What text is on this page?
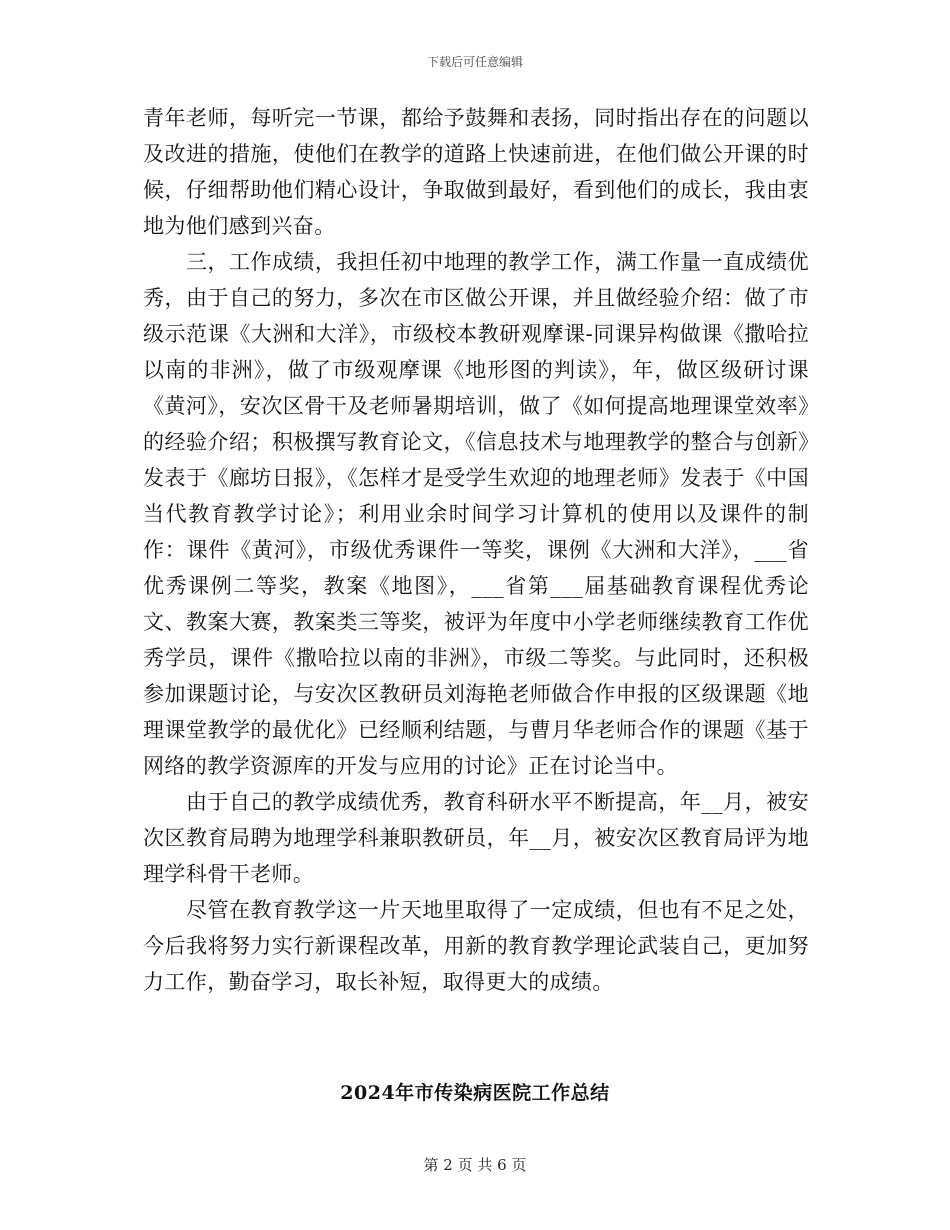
下载后可任意编辑

青年老师，每听完一节课，都给予鼓舞和表扬，同时指出存在的问题以及改进的措施，使他们在教学的道路上快速前进，在他们做公开课的时候，仔细帮助他们精心设计，争取做到最好，看到他们的成长，我由衷地为他们感到兴奋。

三，工作成绩，我担任初中地理的教学工作，满工作量一直成绩优秀，由于自己的努力，多次在市区做公开课，并且做经验介绍：做了市级示范课《大洲和大洋》，市级校本教研观摩课-同课异构做课《撒哈拉以南的非洲》，做了市级观摩课《地形图的判读》，年，做区级研讨课《黄河》，安次区骨干及老师暑期培训，做了《如何提高地理课堂效率》的经验介绍；积极撰写教育论文，《信息技术与地理教学的整合与创新》发表于《廊坊日报》，《怎样才是受学生欢迎的地理老师》发表于《中国当代教育教学讨论》；利用业余时间学习计算机的使用以及课件的制作：课件《黄河》，市级优秀课件一等奖，课例《大洲和大洋》，___省优秀课例二等奖，教案《地图》，___省第___届基础教育课程优秀论文、教案大赛，教案类三等奖，被评为年度中小学老师继续教育工作优秀学员，课件《撒哈拉以南的非洲》，市级二等奖。与此同时，还积极参加课题讨论，与安次区教研员刘海艳老师做合作申报的区级课题《地理课堂教学的最优化》已经顺利结题，与曹月华老师合作的课题《基于网络的教学资源库的开发与应用的讨论》正在讨论当中。

由于自己的教学成绩优秀，教育科研水平不断提高，年__月，被安次区教育局聘为地理学科兼职教研员，年__月，被安次区教育局评为地理学科骨干老师。

尽管在教育教学这一片天地里取得了一定成绩，但也有不足之处，今后我将努力实行新课程改革，用新的教育教学理论武装自己，更加努力工作，勤奋学习，取长补短，取得更大的成绩。

2024年市传染病医院工作总结
第 2 页 共 6 页
